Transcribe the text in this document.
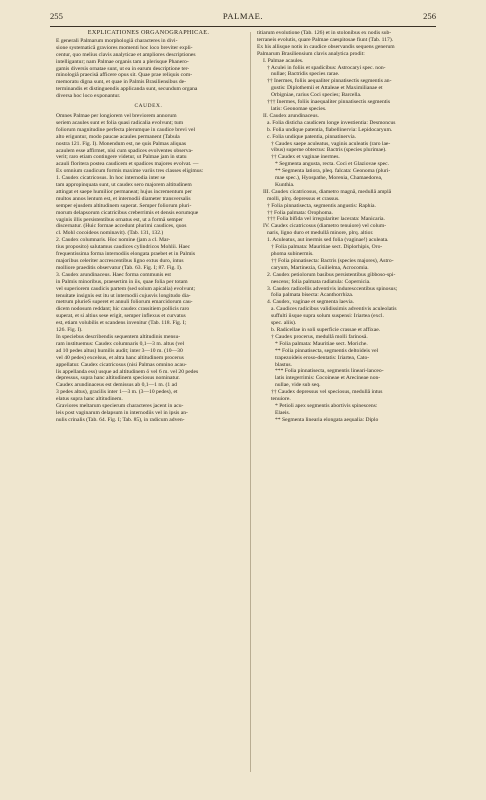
255	PALMAE.	256
EXPLICATIONES ORGANOGRAPHICAE.
E generali Palmarum morphologiâ characteres in divi-
sione systematicâ graviores momenti hoc loco breviter expli-
centur, quo melius clavis analyticae et ampliores descriptiones
intelligantur; nam Palmae organis tam a plerisque Phanero-
gamis diversis ornatae sunt, ut ea in earum descriptione ter-
minologiâ praecisâ afficere opus sit. Quae prae reliquis com-
memoratu digna sunt, et quae in Palmis Brasiliensibus de-
terminandis et distinguendis applicanda sunt, secundum organa
diversa hoc loco exponantur.
CAUDEX.
Omnes Palmae per longiorem vel breviorem annorum
seriem acaules sunt et folia quasi radicalia evolvunt; tum
foliorum magnitudine perfecta plerumque in caudice brevi vel
alto eriguntur, modo paucae acaules permanent (Tabula
nostra 121. Fig. I). Monendum est, ne quis Palmas aliquas
acaulem esse affirmet, nisi cum spadices evolventes observa-
verit; raro etiam contingere videtur, ut Palmae jam in statu
acauli floritera postea caudicem et spadices majores evolvat. —
Ex omnium caudicum formis maxime variis tres classes eligimus:
1. Caudex cicatricosus. In hoc internodia inter se
tam appropinquata sunt, ut caudex sero majorem altitudinem
attingat et saepe humilior permaneat; hujus incrementum per
multos annos lentum est, et internodii diameter transversalis
semper ejusdem altitudinem superat. Semper foliorum pluri-
morum delapsorum cicatricibus creberrimis et densis eorumque
vaginis illis persistentibus ornatus est, ut a formā semper
discernatur. (Huic formae accedunt plurimi caudices, quos
cl. Mohl cocoideos nominavit). (Tab. 131, 132.)
2. Caudex columnaris. Hoc nomine (jam a cl. Mar-
tius proposito) salutamus caudices cylindricos Mohlii. Haec
frequentissima forma internodiis elongata praebet et in Palmis
majoribus celeriter accrescentibus ligno extus duro, intus
molliore praeditis observatur (Tab. 63. Fig. I; 87. Fig. I).
3. Caudex arundinaceus. Haec forma communis est
in Palmis minoribus, praesertim in iis, quae folia per totam
vel superiorem caudicis partem (sed solum apicalia) evolvunt;
tenuitate insignis est itu ut internodii cujusvis longitudo dia-
metrum plurieS superet et annuli foliorum emarcidorum cau-
dicem nodosum reddant; hic caudex crassitiem pollicis raro
superat, et si altius sese erigit, semper inflexus et curvatus
est, etiam volubilis et scandens invenitur (Tab. 118. Fig. I;
126. Fig. I).
In speciebus describendis sequentem altitudinis mensu-
ram instituemus: Caudex columnaris 0,1—3 m. altus (vel
ad 10 pedes altus) humilis audit; inter 3—10 m. (10—30
vel 40 pedes) excelsus, et altra hanc altitudinem procerus
appellatur. Caudex cicatricosus (nisi Palmas omnino acau-
lis appellanda ess) usque ad altitudinem ö vel 6 m. vel 20 pedes
depressus, supra hanc altitudinem speciosus nominatur.
Caudex arundinaceus est demissus ab 0,1—1 m. (1 ad
3 pedes altus), gracilis inter 1—3 m. (3—10 pedes), et
elatus supra hanc altitudinem.
Graviores meltarum specierum characteres jacent in acu-
leis post vaginarum delapsum in internodiis vel in ipsis an-
nulis crinalis (Tab. 64. Fig. I; Tab. 85), in radicum adven-
titiarum evolutione (Tab. 126) et in stolonibus ex nodis sub-
terraneis evolutis, quare Palmae caespitosae fiunt (Tab. 117).
Ex his allisque notis in caudice observandis sequens generum
Palmarum Brasiliensium clavis analytica prodit:
I. Palmae acaules.
† Aculei in foliis et spadicibus: Astrocaryi spec. non-
nullae; Bactridis species rarae.
†† Inermes, foliis aequaliter pinnatisectis segmentis an-
gustis: Diplothemii et Attaleae et Maximilianae et
Orbigniae, rarius Coci species; Barcella.
††† Inermes, foliis inaequaliter pinnatisectis segmentis
latis: Geonomae species.
II. Caudex arundinaceus.
a. Folia disticha caudicem longe investientia: Desmoncus
b. Folia undique patentia, flabellinervia: Lepidocaryum.
c. Folia undique patentia, pinnatinervia.
† Caudex saepe aculeatus, vaginis aculeatis (raro lae-
vibus) superne obtectus: Bactris (species plurimae).
†† Caudex et vaginae inermes.
* Segmenta angusta, recta. Coci et Glaziovae spec.
** Segmenta latiora, pleq. falcata: Geonoma (pluri-
mae spec.), Hyospathe, Morenia, Chamaedorea,
Kunthia.
III. Caudex cicatricosus, diametro magnâ, medullâ amplâ
molli, plrq. depressus et crassus.
† Folia pinnatisecta, segmentis angustis: Raphia.
†† Folia palmata: Orophoma.
††† Folia bifida vel irregulariter lacerata: Manicaria.
IV. Caudex cicatricosus (diametro tenuiore) vel colum-
naris, ligno duro et medullâ minore, plrq. altior.
1. Aculeatus, aut inermis sed folia (vaginae!) aculeata.
† Folia palmata: Mauritiae sect. Diplorhipis, Oro-
phoma subinermis.
†† Folia pinnatisecta: Bactris (species majores), Astro-
caryum, Martinezia, Guilielma, Acrocomia.
2. Caudex petiolorum basibus persistentibus gibboso-spi-
nescens; folia palmata radiatula: Copernicia.
3. Caudex radicellis adventivis induresccentibus spinosus;
folia palmata bisecta: Acanthorrhiza.
4. Caudex, vaginae et segmenta laevia.
a. Caudices radicibus validissimis adventivis aculeolatis
suffulti iisque supra solum suspensi: Iriartea (excl.
spec. aliis).
b. Radicellae in soli superficie crassae et affixae.
† Caudex procerus, medullâ molli farinosâ.
* Folia palmata: Mauritiae sect. Moriche.
** Folia pinnatisecta, segmentis deltoideis vel
trapezoideis eroso-dentatis: Iriartea, Cato-
blastus.
*** Folia pinnatisecta, segmentis lineari-lanceo-
latis integerrimis: Cocoineae et Arecineae non-
nullae, vide sub seq.
†† Caudex depressus vel speciosus, medullâ intus
tenuiore.
* Petioli apex segmentis abortivis spinescens:
Elaeis.
** Segmenta linearia elongata aequalia: Diplo
